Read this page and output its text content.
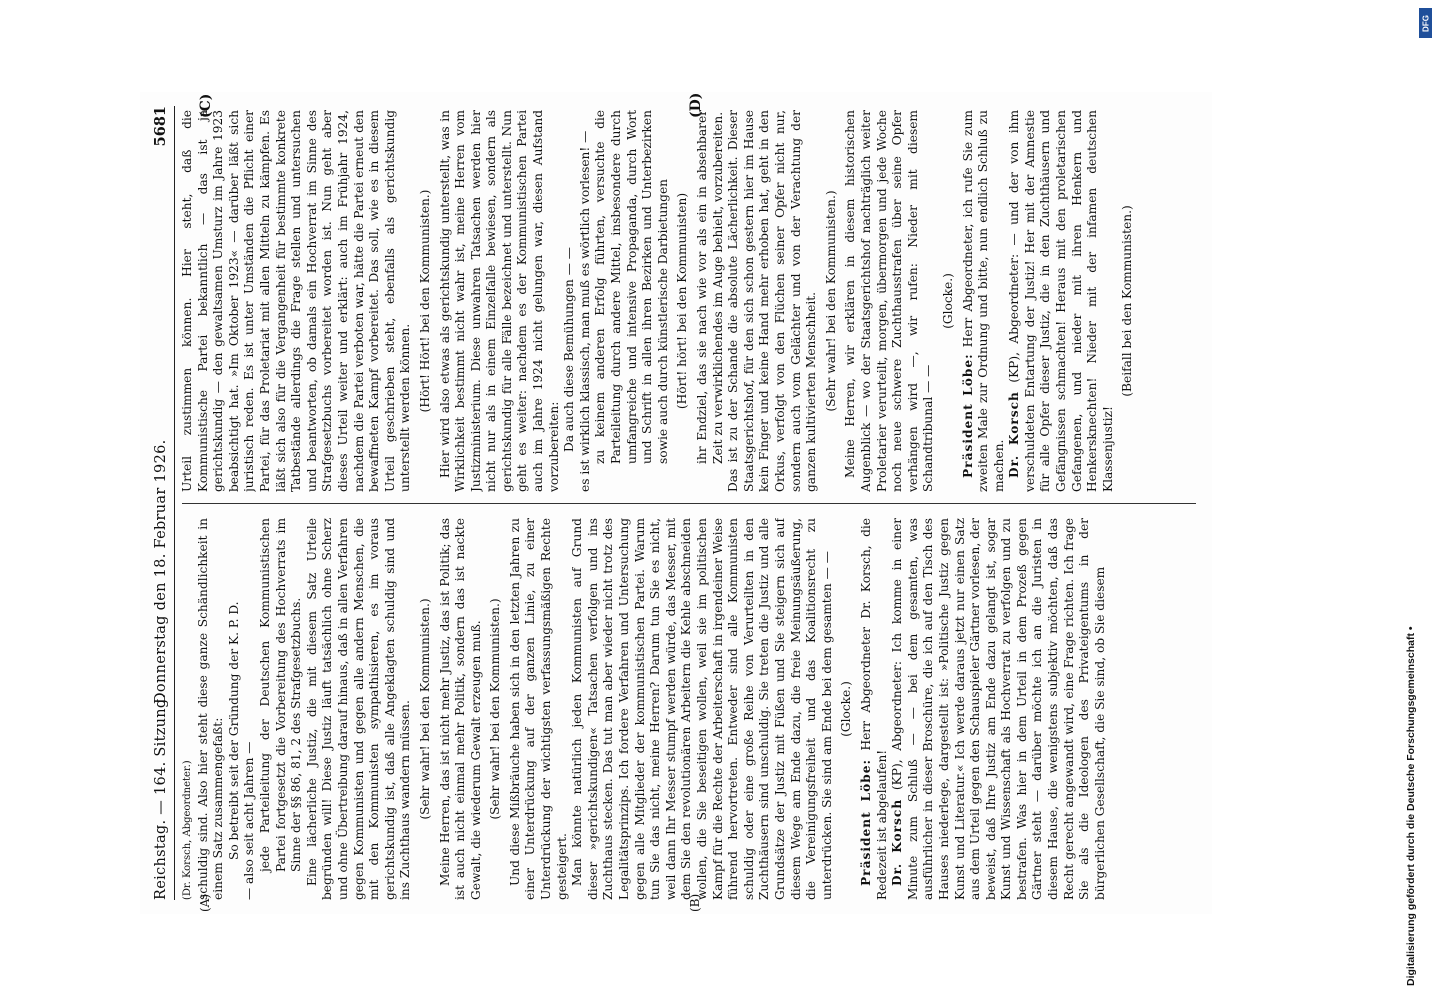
Reichstag. — 164. Sitzung.
Donnerstag den 18. Februar 1926.
5681
(A)	(B)
(C)	(D)

(Dr. Korsch, Abgeordneter.) schuldig sind. Also hier steht diese ganze Schändlichkeit in einem Satz zusammengefaßt: So betreibt seit der Gründung der K. P. D. — also seit acht Jahren — jede Parteileitung der Deutschen Kommunistischen Partei fortgesetzt die Vorbereitung des Hochverrats im Sinne der §§ 86, 81, 2 des Strafgesetzbuchs. Eine lächerliche Justiz, die mit diesem Satz Urteile begründen will! Diese Justiz läuft tatsächlich ohne Scherz und ohne Übertreibung darauf hinaus, daß in allen Verfahren gegen Kommunisten und gegen alle andern Menschen, die mit den Kommunisten sympathisieren, es im voraus gerichtskundig ist, daß alle Angeklagten schuldig sind und ins Zuchthaus wandern müssen. (Sehr wahr! bei den Kommunisten.) Meine Herren, das ist nicht mehr Justiz, das ist Politik; das ist auch nicht einmal mehr Politik, sondern das ist nackte Gewalt, die wiederum Gewalt erzeugen muß. (Sehr wahr! bei den Kommunisten.) Und diese Mißbräuche haben sich in den letzten Jahren zu einer Unterdrückung auf der ganzen Linie, zu einer Unterdrückung der wichtigsten verfassungsmäßigen Rechte gesteigert. Man könnte natürlich jeden Kommunisten auf Grund dieser »gerichtskundigen« Tatsachen verfolgen und ins Zuchthaus stecken. Das tut man aber wieder nicht trotz des Legalitätsprinzips. Ich fordere Verfahren und Untersuchung gegen alle Mitglieder der kommunistischen Partei. Warum tun Sie das nicht, meine Herren? Darum tun Sie es nicht, weil dann Ihr Messer stumpf werden würde, das Messer, mit dem Sie den revolutionären Arbeitern die Kehle abschneiden wollen, die Sie beseitigen wollen, weil sie im politischen Kampf für die Rechte der Arbeiterschaft in irgendeiner Weise führend hervortreten. Entweder sind alle Kommunisten schuldig oder eine große Reihe von Verurteilten in den Zuchthäusern sind unschuldig. Sie treten die Justiz und alle Grundsätze der Justiz mit Füßen und Sie steigern sich auf diesem Wege am Ende dazu, die freie Meinungsäußerung, die Vereinigungsfreiheit und das Koalitionsrecht zu unterdrücken. Sie sind am Ende bei dem gesamten — — (Glocke.)

Präsident Löbe: Herr Abgeordneter Dr. Korsch, die Redezeit ist abgelaufen! Dr. Korsch (KP), Abgeordneter: Ich komme in einer Minute zum Schluß — — bei dem gesamten, was ausführlicher in dieser Broschüre, die ich auf den Tisch des Hauses niederlege, dargestellt ist: »Politische Justiz gegen Kunst und Literatur.« Ich werde daraus jetzt nur einen Satz aus dem Urteil gegen den Schauspieler Gärtner vorlesen, der beweist, daß Ihre Justiz am Ende dazu gelangt ist, sogar Kunst und Wissenschaft als Hochverrat zu verfolgen und zu bestrafen. Was hier in dem Urteil in dem Prozeß gegen Gärtner steht — darüber möchte ich an die Juristen in diesem Hause, die wenigstens subjektiv möchten, daß das Recht gerecht angewandt wird, eine Frage richten. Ich frage Sie als die Ideologen des Privateigentums in der bürgerlichen Gesellschaft, die Sie sind, ob Sie diesem

Urteil zustimmen können. Hier steht, daß die Kommunistische Partei bekanntlich — das ist ja gerichtskundig — den gewaltsamen Umsturz im Jahre 1923 beabsichtigt hat. »Im Oktober 1923« — darüber läßt sich juristisch reden. Es ist unter Umständen die Pflicht einer Partei, für das Proletariat mit allen Mitteln zu kämpfen. Es läßt sich also für die Vergangenheit für bestimmte konkrete Tatbestände allerdings die Frage stellen und untersuchen und beantworten, ob damals ein Hochverrat im Sinne des Strafgesetzbuchs vorbereitet worden ist. Nun geht aber dieses Urteil weiter und erklärt: auch im Frühjahr 1924, nachdem die Partei verboten war, hätte die Partei erneut den bewaffneten Kampf vorbereitet. Das soll, wie es in diesem Urteil geschrieben steht, ebenfalls als gerichtskundig unterstellt werden können. (Hört! Hört! bei den Kommunisten.) Hier wird also etwas als gerichtskundig unterstellt, was in Wirklichkeit bestimmt nicht wahr ist, meine Herren vom Justizministerium. Diese unwahren Tatsachen werden hier nicht nur als in einem Einzelfalle bewiesen, sondern als gerichtskundig für alle Fälle bezeichnet und unterstellt. Nun geht es weiter: nachdem es der Kommunistischen Partei auch im Jahre 1924 nicht gelungen war, diesen Aufstand vorzubereiten: Da auch diese Bemühungen — — es ist wirklich klassisch, man muß es wörtlich vorlesen! — zu keinem anderen Erfolg führten, versuchte die Parteileitung durch andere Mittel, insbesondere durch umfangreiche und intensive Propaganda, durch Wort und Schrift in allen ihren Bezirken und Unterbezirken sowie auch durch künstlerische Darbietungen (Hört! hört! bei den Kommunisten) ihr Endziel, das sie nach wie vor als ein in absehbarer Zeit zu verwirklichendes im Auge behielt, vorzubereiten. Das ist zu der Schande die absolute Lächerlichkeit. Dieser Staatsgerichtshof, für den sich schon gestern hier im Hause kein Finger und keine Hand mehr erhoben hat, geht in den Orkus, verfolgt von den Flüchen seiner Opfer nicht nur, sondern auch vom Gelächter und von der Verachtung der ganzen kultivierten Menschheit. (Sehr wahr! bei den Kommunisten.) Meine Herren, wir erklären in diesem historischen Augenblick — wo der Staatsgerichtshof nachträglich weiter Proletarier verurteilt, morgen, übermorgen und jede Woche noch neue schwere Zuchthausstrafen über seine Opfer verhängen wird —, wir rufen: Nieder mit diesem Schandtribunal — —

(Glocke.)

Präsident Löbe: Herr Abgeordneter, ich rufe Sie zum zweiten Male zur Ordnung und bitte, nun endlich Schluß zu machen. Dr. Korsch (KP), Abgeordneter: — und der von ihm verschuldeten Entartung der Justiz! Her mit der Amnestie für alle Opfer dieser Justiz, die in den Zuchthäusern und Gefängnissen schmachten! Heraus mit den proletarischen Gefangenen, und nieder mit ihren Henkern und Henkersknechten! Nieder mit der infamen deutschen Klassenjustiz!

(Beifall bei den Kommunisten.)

Digitalisierung gefördert durch die Deutsche Forschungsgemeinschaft •
DFG
